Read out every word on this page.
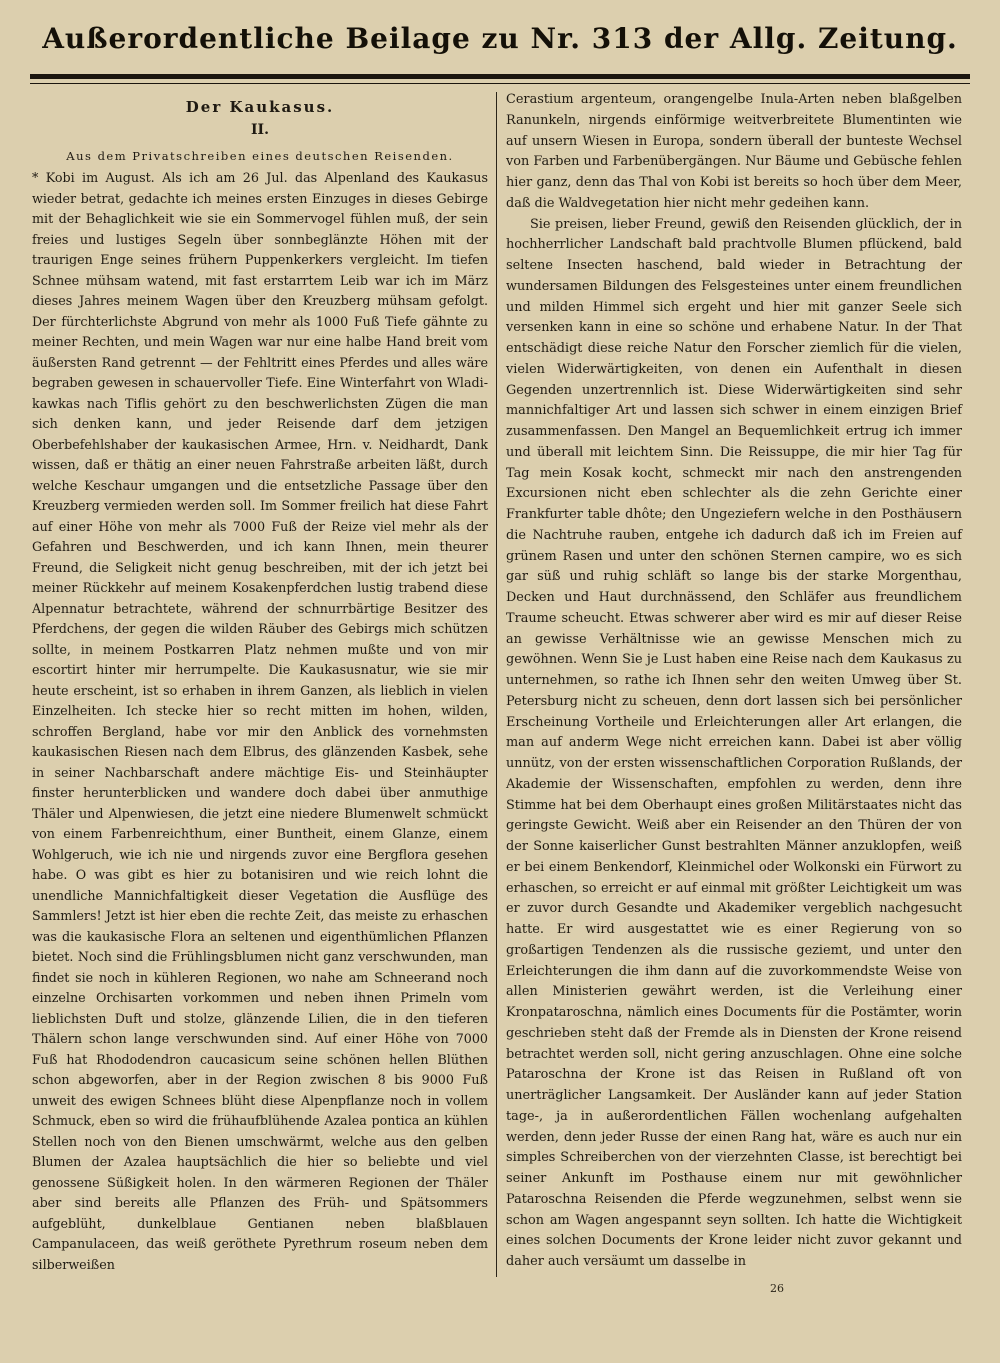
Außerordentliche Beilage zu Nr. 313 der Allg. Zeitung.
Der Kaukasus.
II.
Aus dem Privatschreiben eines deutschen Reisenden.

* Kobi im August. Als ich am 26 Jul. das Alpenland des Kaukasus wieder betrat, gedachte ich meines ersten Einzuges in dieses Gebirge mit der Behaglichkeit wie sie ein Sommervogel fühlen muß, der sein freies und lustiges Segeln über sonnbeglänzte Höhen mit der traurigen Enge seines frühern Puppenkerkers vergleicht. Im tiefen Schnee mühsam watend, mit fast erstarrtem Leib war ich im März dieses Jahres meinem Wagen über den Kreuzberg mühsam gefolgt. Der fürchterlichste Abgrund von mehr als 1000 Fuß Tiefe gähnte zu meiner Rechten, und mein Wagen war nur eine halbe Hand breit vom äußersten Rand getrennt — der Fehltritt eines Pferdes und alles wäre begraben gewesen in schauervoller Tiefe. Eine Winterfahrt von Wladi-kawkas nach Tiflis gehört zu den beschwerlichsten Zügen die man sich denken kann, und jeder Reisende darf dem jetzigen Oberbefehlshaber der kaukasischen Armee, Hrn. v. Neidhardt, Dank wissen, daß er thätig an einer neuen Fahrstraße arbeiten läßt, durch welche Keschaur umgangen und die entsetzliche Passage über den Kreuzberg vermieden werden soll. Im Sommer freilich hat diese Fahrt auf einer Höhe von mehr als 7000 Fuß der Reize viel mehr als der Gefahren und Beschwerden, und ich kann Ihnen, mein theurer Freund, die Seligkeit nicht genug beschreiben, mit der ich jetzt bei meiner Rückkehr auf meinem Kosakenpferdchen lustig trabend diese Alpennatur betrachtete, während der schnurrbärtige Besitzer des Pferdchens, der gegen die wilden Räuber des Gebirgs mich schützen sollte, in meinem Postkarren Platz nehmen mußte und von mir escortirt hinter mir herrumpelte. Die Kaukasusnatur, wie sie mir heute erscheint, ist so erhaben in ihrem Ganzen, als lieblich in vielen Einzelheiten. Ich stecke hier so recht mitten im hohen, wilden, schroffen Bergland, habe vor mir den Anblick des vornehmsten kaukasischen Riesen nach dem Elbrus, des glänzenden Kasbek, sehe in seiner Nachbarschaft andere mächtige Eis- und Steinhäupter finster herunterblicken und wandere doch dabei über anmuthige Thäler und Alpenwiesen, die jetzt eine niedere Blumenwelt schmückt von einem Farbenreichthum, einer Buntheit, einem Glanze, einem Wohlgeruch, wie ich nie und nirgends zuvor eine Bergflora gesehen habe. O was gibt es hier zu botanisiren und wie reich lohnt die unendliche Mannichfaltigkeit dieser Vegetation die Ausflüge des Sammlers! Jetzt ist hier eben die rechte Zeit, das meiste zu erhaschen was die kaukasische Flora an seltenen und eigenthümlichen Pflanzen bietet. Noch sind die Frühlingsblumen nicht ganz verschwunden, man findet sie noch in kühleren Regionen, wo nahe am Schneerand noch einzelne Orchisarten vorkommen und neben ihnen Primeln vom lieblichsten Duft und stolze, glänzende Lilien, die in den tieferen Thälern schon lange verschwunden sind. Auf einer Höhe von 7000 Fuß hat Rhododendron caucasicum seine schönen hellen Blüthen schon abgeworfen, aber in der Region zwischen 8 bis 9000 Fuß unweit des ewigen Schnees blüht diese Alpenpflanze noch in vollem Schmuck, eben so wird die frühaufblühende Azalea pontica an kühlen Stellen noch von den Bienen umschwärmt, welche aus den gelben Blumen der Azalea hauptsächlich die hier so beliebte und viel genossene Süßigkeit holen. In den wärmeren Regionen der Thäler aber sind bereits alle Pflanzen des Früh- und Spätsommers aufgeblüht, dunkelblaue Gentianen neben blaßblauen Campanulaceen, das weiß geröthete Pyrethrum roseum neben dem silberweißen

Cerastium argenteum, orangengelbe Inula-Arten neben blaßgelben Ranunkeln, nirgends einförmige weitverbreitete Blumentinten wie auf unsern Wiesen in Europa, sondern überall der bunteste Wechsel von Farben und Farbenübergängen. Nur Bäume und Gebüsche fehlen hier ganz, denn das Thal von Kobi ist bereits so hoch über dem Meer, daß die Waldvegetation hier nicht mehr gedeihen kann.

Sie preisen, lieber Freund, gewiß den Reisenden glücklich, der in hochherrlicher Landschaft bald prachtvolle Blumen pflückend, bald seltene Insecten haschend, bald wieder in Betrachtung der wundersamen Bildungen des Felsgesteines unter einem freundlichen und milden Himmel sich ergeht und hier mit ganzer Seele sich versenken kann in eine so schöne und erhabene Natur. In der That entschädigt diese reiche Natur den Forscher ziemlich für die vielen, vielen Widerwärtigkeiten, von denen ein Aufenthalt in diesen Gegenden unzertrennlich ist. Diese Widerwärtigkeiten sind sehr mannichfaltiger Art und lassen sich schwer in einem einzigen Brief zusammenfassen. Den Mangel an Bequemlichkeit ertrug ich immer und überall mit leichtem Sinn. Die Reissuppe, die mir hier Tag für Tag mein Kosak kocht, schmeckt mir nach den anstrengenden Excursionen nicht eben schlechter als die zehn Gerichte einer Frankfurter table dhôte; den Ungeziefern welche in den Posthäusern die Nachtruhe rauben, entgehe ich dadurch daß ich im Freien auf grünem Rasen und unter den schönen Sternen campire, wo es sich gar süß und ruhig schläft so lange bis der starke Morgenthau, Decken und Haut durchnässend, den Schläfer aus freundlichem Traume scheucht. Etwas schwerer aber wird es mir auf dieser Reise an gewisse Verhältnisse wie an gewisse Menschen mich zu gewöhnen. Wenn Sie je Lust haben eine Reise nach dem Kaukasus zu unternehmen, so rathe ich Ihnen sehr den weiten Umweg über St. Petersburg nicht zu scheuen, denn dort lassen sich bei persönlicher Erscheinung Vortheile und Erleichterungen aller Art erlangen, die man auf anderm Wege nicht erreichen kann. Dabei ist aber völlig unnütz, von der ersten wissenschaftlichen Corporation Rußlands, der Akademie der Wissenschaften, empfohlen zu werden, denn ihre Stimme hat bei dem Oberhaupt eines großen Militärstaates nicht das geringste Gewicht. Weiß aber ein Reisender an den Thüren der von der Sonne kaiserlicher Gunst bestrahlten Männer anzuklopfen, weiß er bei einem Benkendorf, Kleinmichel oder Wolkonski ein Fürwort zu erhaschen, so erreicht er auf einmal mit größter Leichtigkeit um was er zuvor durch Gesandte und Akademiker vergeblich nachgesucht hatte. Er wird ausgestattet wie es einer Regierung von so großartigen Tendenzen als die russische geziemt, und unter den Erleichterungen die ihm dann auf die zuvorkommendste Weise von allen Ministerien gewährt werden, ist die Verleihung einer Kronpataroschna, nämlich eines Documents für die Postämter, worin geschrieben steht daß der Fremde als in Diensten der Krone reisend betrachtet werden soll, nicht gering anzuschlagen. Ohne eine solche Pataroschna der Krone ist das Reisen in Rußland oft von unerträglicher Langsamkeit. Der Ausländer kann auf jeder Station tage-, ja in außerordentlichen Fällen wochenlang aufgehalten werden, denn jeder Russe der einen Rang hat, wäre es auch nur ein simples Schreiberchen von der vierzehnten Classe, ist berechtigt bei seiner Ankunft im Posthause einem nur mit gewöhnlicher Pataroschna Reisenden die Pferde wegzunehmen, selbst wenn sie schon am Wagen angespannt seyn sollten. Ich hatte die Wichtigkeit eines solchen Documents der Krone leider nicht zuvor gekannt und daher auch versäumt um dasselbe in

26
